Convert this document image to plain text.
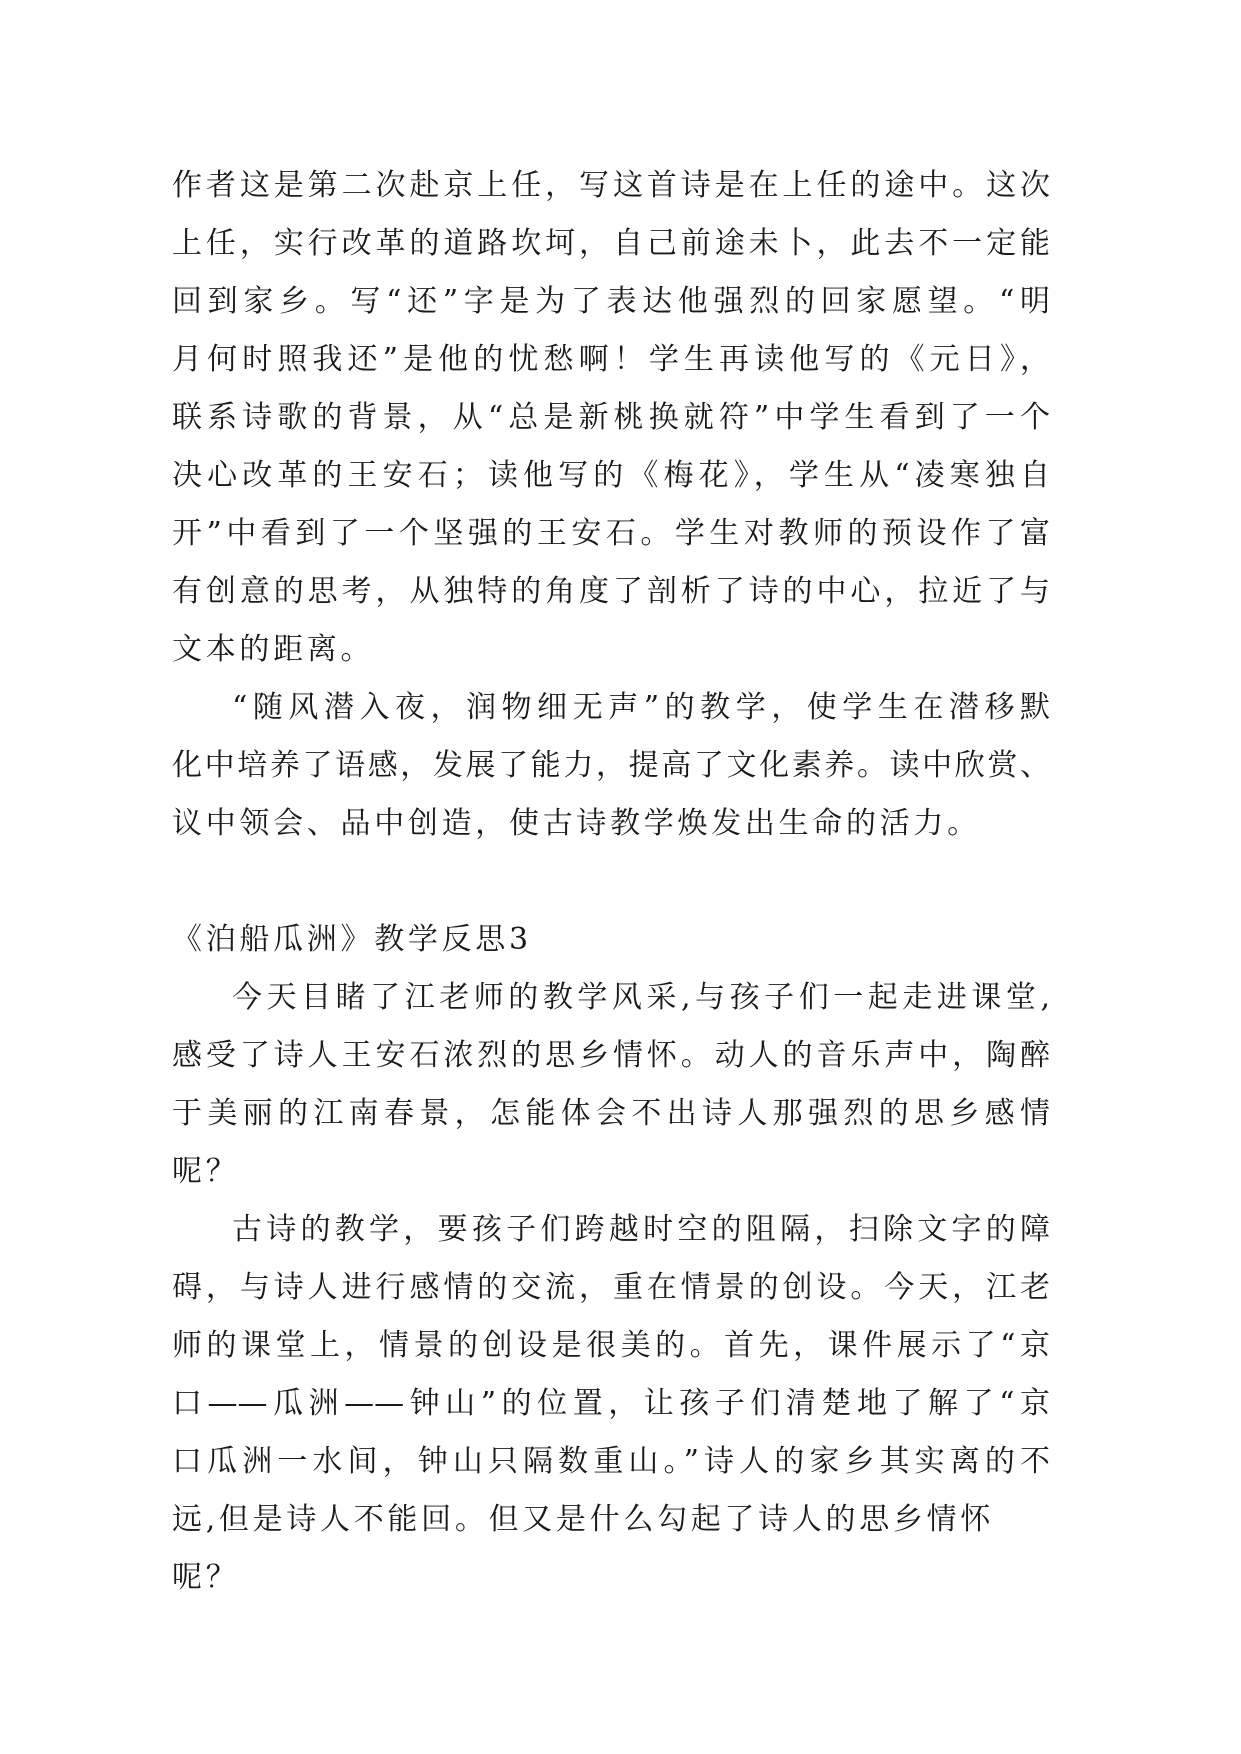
作者这是第二次赴京上任，写这首诗是在上任的途中。这次
上任，实行改革的道路坎坷，自己前途未卜，此去不一定能
回到家乡。写“还”字是为了表达他强烈的回家愿望。“明
月何时照我还”是他的忧愁啊！学生再读他写的《元日》，
联系诗歌的背景，从“总是新桃换就符”中学生看到了一个
决心改革的王安石；读他写的《梅花》，学生从“凌寒独自
开”中看到了一个坚强的王安石。学生对教师的预设作了富
有创意的思考，从独特的角度了剖析了诗的中心，拉近了与
文本的距离。
“随风潜入夜，润物细无声”的教学，使学生在潜移默
化中培养了语感，发展了能力，提高了文化素养。读中欣赏、
议中领会、品中创造，使古诗教学焕发出生命的活力。
《泊船瓜洲》教学反思3
今天目睹了江老师的教学风采,与孩子们一起走进课堂,
感受了诗人王安石浓烈的思乡情怀。动人的音乐声中，陶醉
于美丽的江南春景，怎能体会不出诗人那强烈的思乡感情
呢？
古诗的教学，要孩子们跨越时空的阻隔，扫除文字的障
碍，与诗人进行感情的交流，重在情景的创设。今天，江老
师的课堂上，情景的创设是很美的。首先，课件展示了“京
口——瓜洲——钟山”的位置，让孩子们清楚地了解了“京
口瓜洲一水间，钟山只隔数重山。”诗人的家乡其实离的不
远,但是诗人不能回。但又是什么勾起了诗人的思乡情怀呢？
